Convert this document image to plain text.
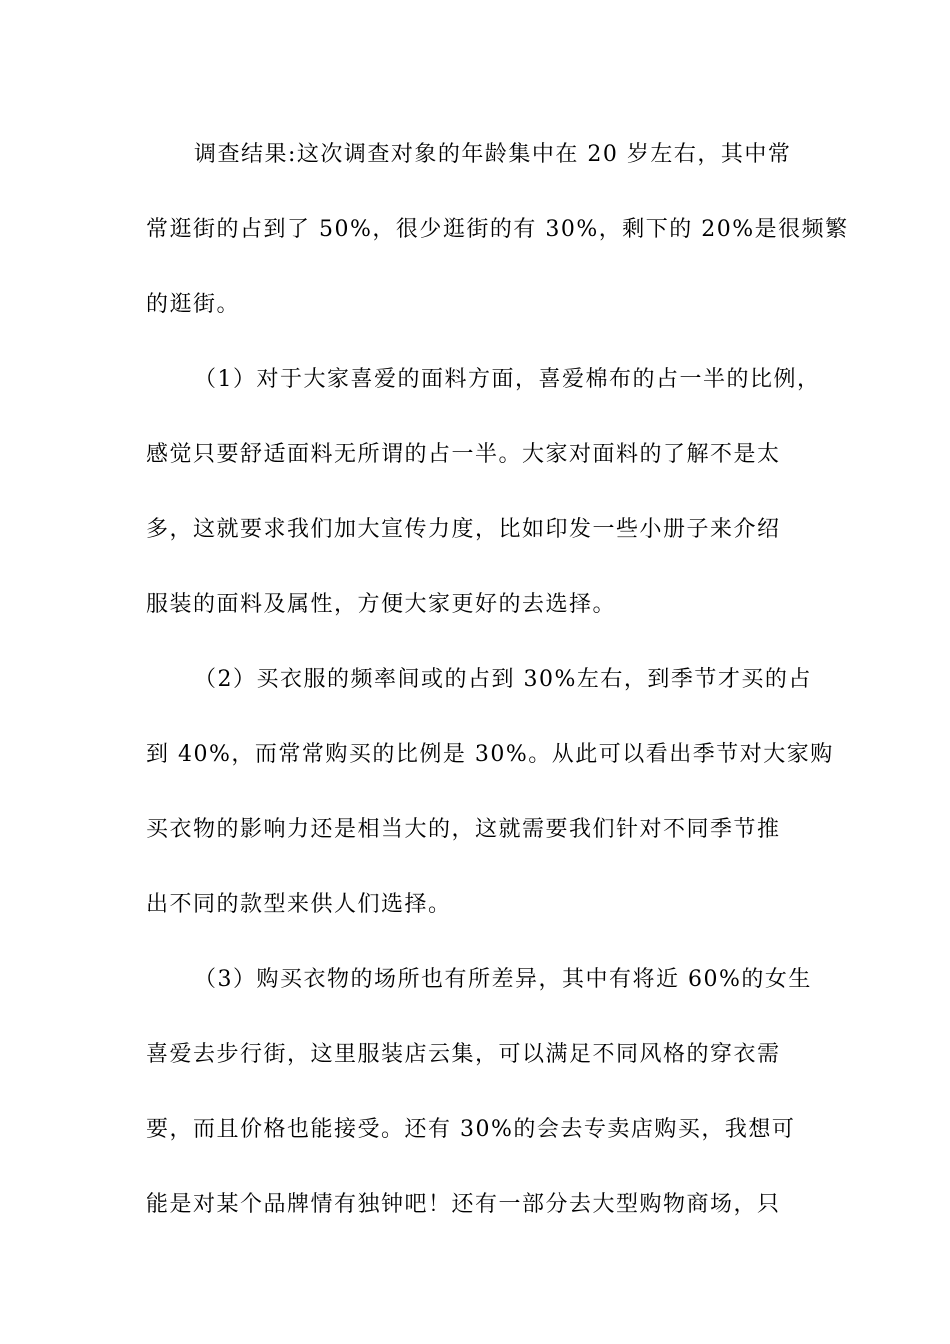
调查结果:这次调查对象的年龄集中在 20 岁左右，其中常
常逛街的占到了 50%，很少逛街的有 30%，剩下的 20%是很频繁
的逛街。
（1）对于大家喜爱的面料方面，喜爱棉布的占一半的比例，
感觉只要舒适面料无所谓的占一半。大家对面料的了解不是太
多，这就要求我们加大宣传力度，比如印发一些小册子来介绍
服装的面料及属性，方便大家更好的去选择。
（2）买衣服的频率间或的占到 30%左右，到季节才买的占
到 40%，而常常购买的比例是 30%。从此可以看出季节对大家购
买衣物的影响力还是相当大的，这就需要我们针对不同季节推
出不同的款型来供人们选择。
（3）购买衣物的场所也有所差异，其中有将近 60%的女生
喜爱去步行街，这里服装店云集，可以满足不同风格的穿衣需
要，而且价格也能接受。还有 30%的会去专卖店购买，我想可
能是对某个品牌情有独钟吧！还有一部分去大型购物商场，只
